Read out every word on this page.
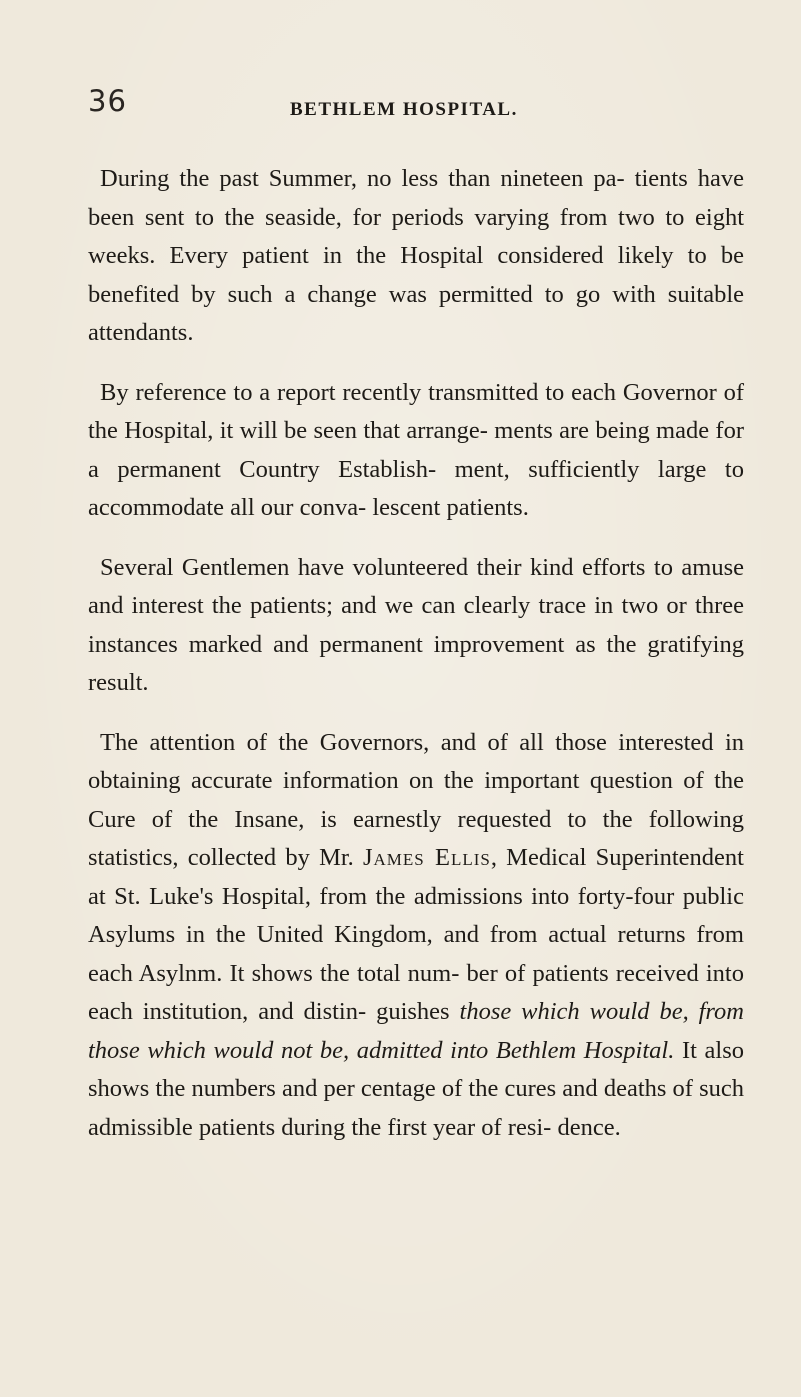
36	BETHLEM HOSPITAL.

During the past Summer, no less than nineteen pa- tients have been sent to the seaside, for periods varying from two to eight weeks. Every patient in the Hospital considered likely to be benefited by such a change was permitted to go with suitable attendants.

By reference to a report recently transmitted to each Governor of the Hospital, it will be seen that arrange- ments are being made for a permanent Country Establish- ment, sufficiently large to accommodate all our conva- lescent patients.

Several Gentlemen have volunteered their kind efforts to amuse and interest the patients; and we can clearly trace in two or three instances marked and permanent improvement as the gratifying result.

The attention of the Governors, and of all those interested in obtaining accurate information on the important question of the Cure of the Insane, is earnestly requested to the following statistics, collected by Mr. James Ellis, Medical Superintendent at St. Luke's Hospital, from the admissions into forty-four public Asylums in the United Kingdom, and from actual returns from each Asylnm. It shows the total num- ber of patients received into each institution, and distin- guishes those which would be, from those which would not be, admitted into Bethlem Hospital. It also shows the numbers and per centage of the cures and deaths of such admissible patients during the first year of resi- dence.
